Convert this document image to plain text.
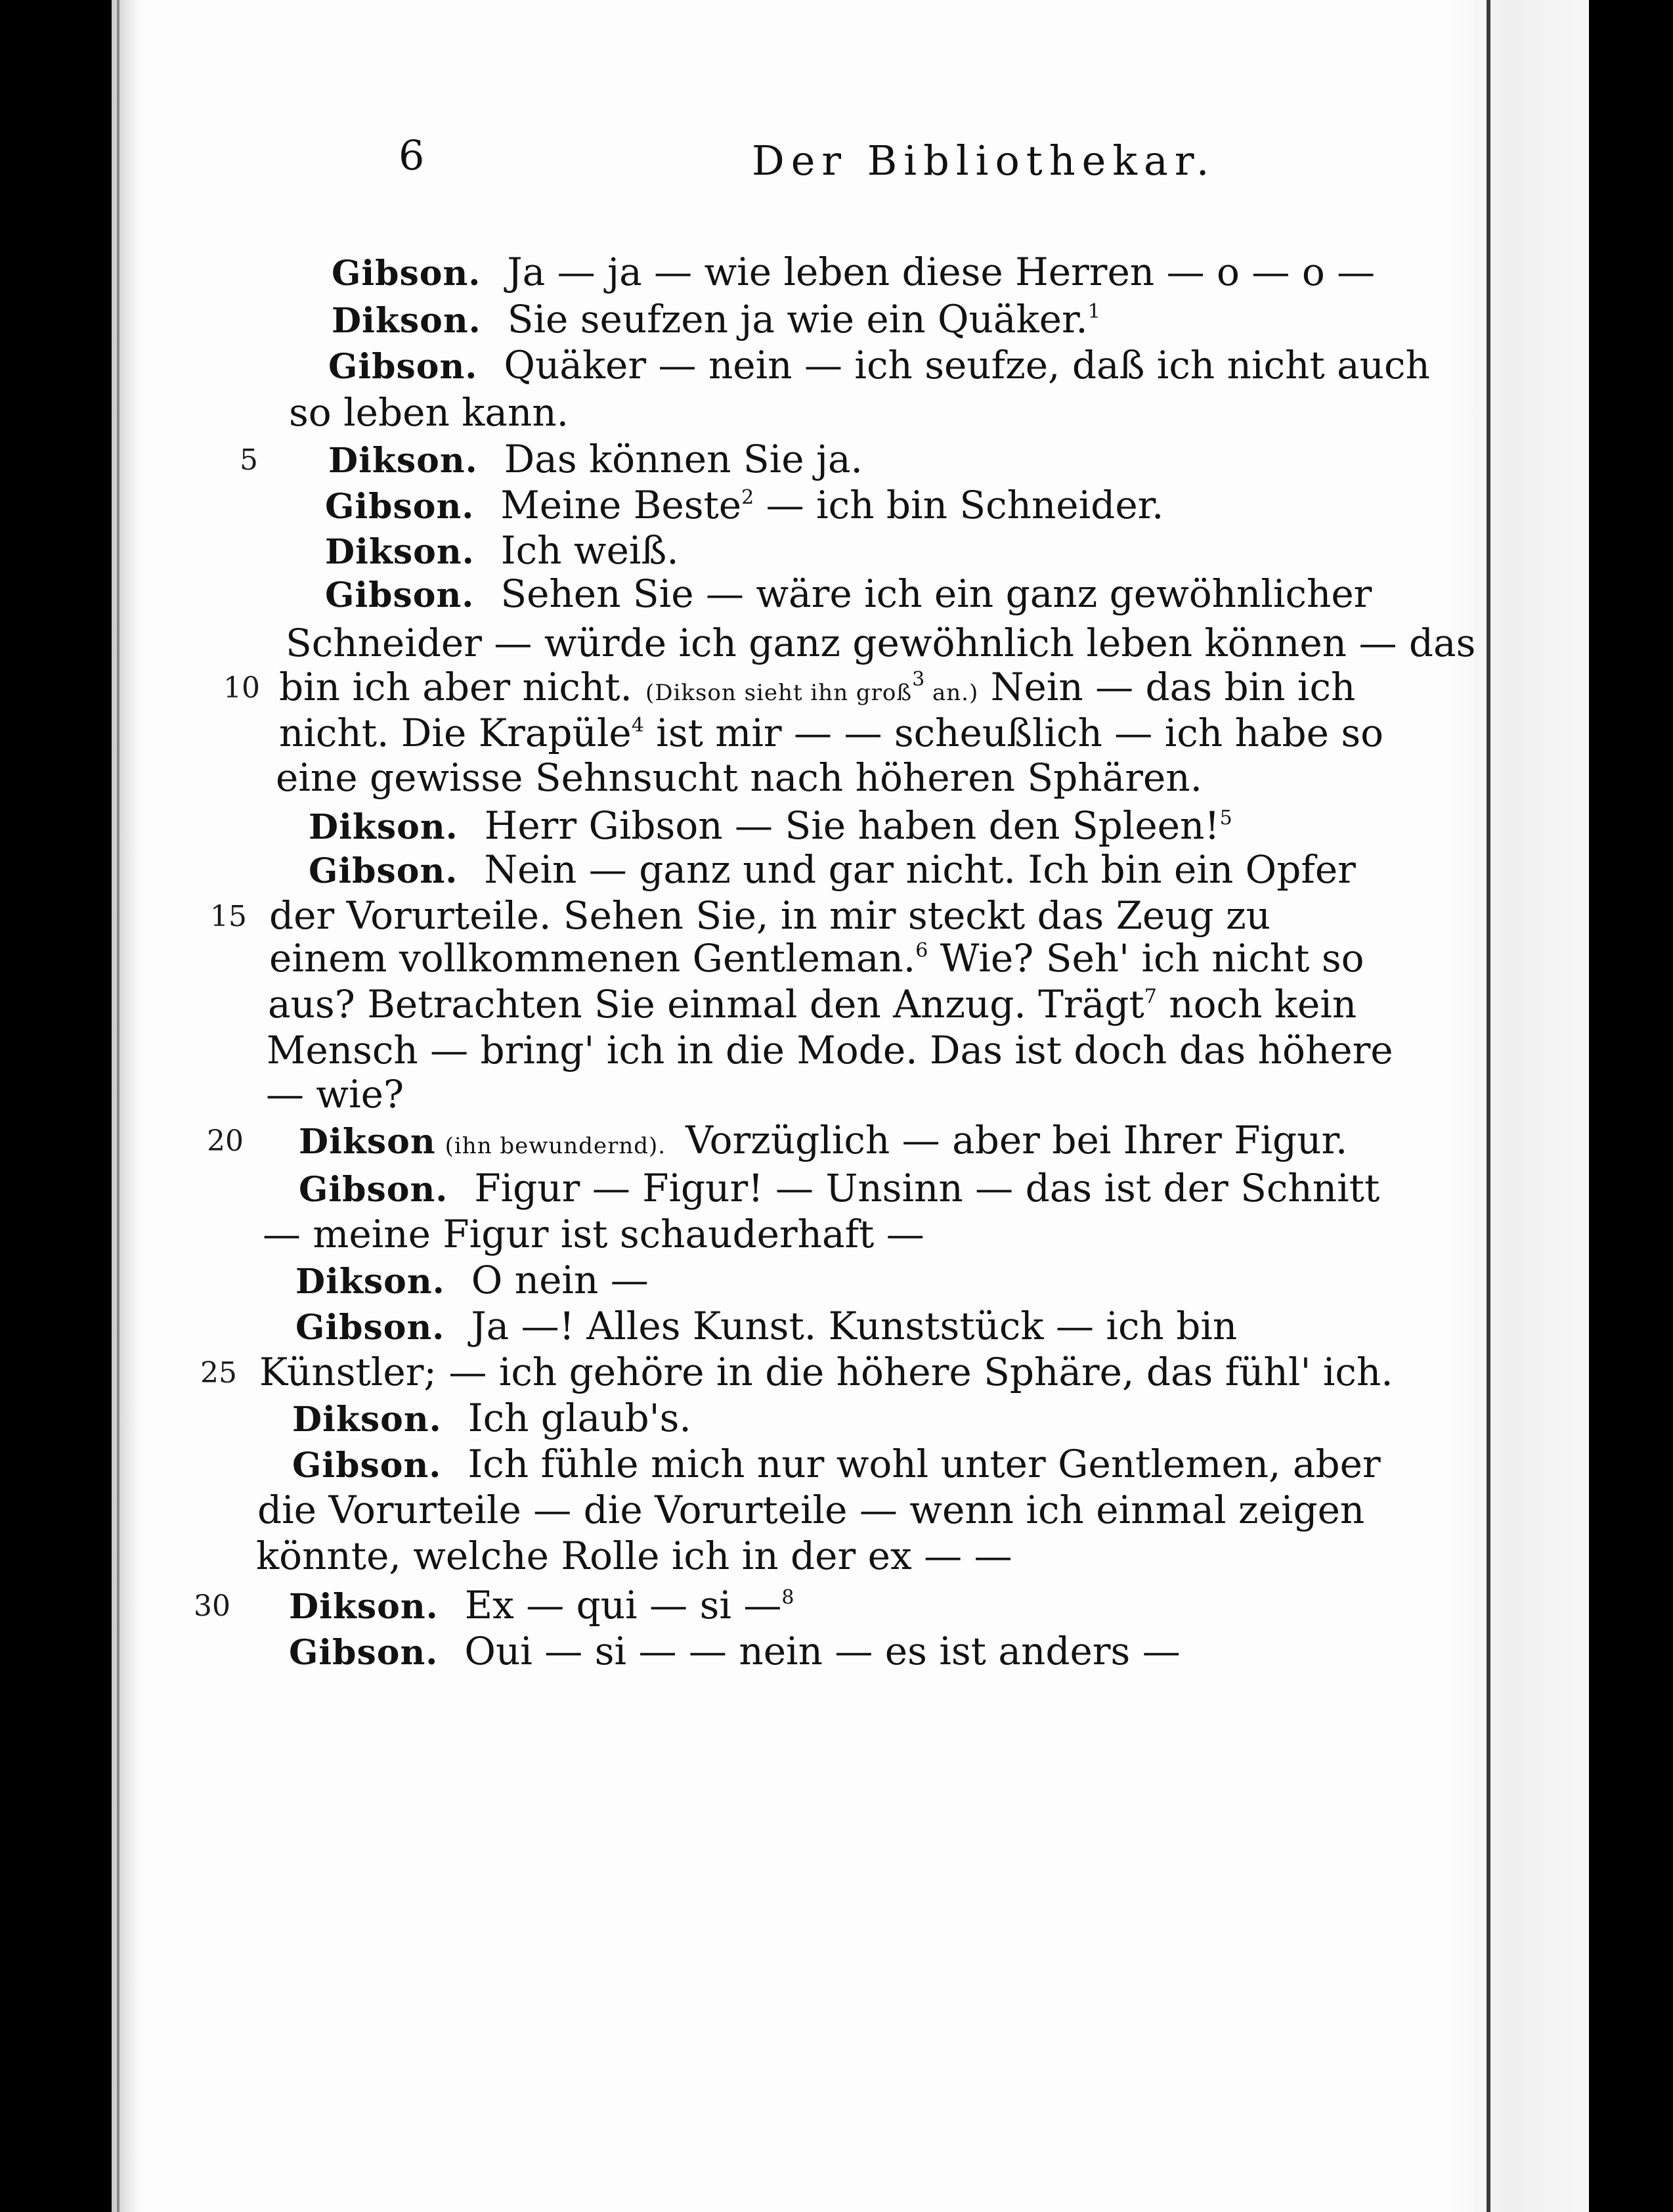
6	Der Bibliothekar.
Gibson. Ja — ja — wie leben diese Herren — o — o —
Dikson. Sie seufzen ja wie ein Quäker.$^1$
Gibson. Quäker — nein — ich seufze, daß ich nicht auch
so leben kann.
5 Dikson. Das können Sie ja.
Gibson. Meine Beste$^2$ — ich bin Schneider.
Dikson. Ich weiß.
Gibson. Sehen Sie — wäre ich ein ganz gewöhnlicher
Schneider — würde ich ganz gewöhnlich leben können — das
10 bin ich aber nicht. (Dikson sieht ihn groß$^3$ an.) Nein — das bin ich
nicht. Die Krapüle$^4$ ist mir — — scheußlich — ich habe so
eine gewisse Sehnsucht nach höheren Sphären.
Dikson. Herr Gibson — Sie haben den Spleen!$^5$
Gibson. Nein — ganz und gar nicht. Ich bin ein Opfer
15 der Vorurteile. Sehen Sie, in mir steckt das Zeug zu
einem vollkommenen Gentleman.$^6$ Wie? Seh' ich nicht so
aus? Betrachten Sie einmal den Anzug. Trägt$^7$ noch kein
Mensch — bring' ich in die Mode. Das ist doch das höhere
— wie?
20 Dikson (ihn bewundernd). Vorzüglich — aber bei Ihrer Figur.
Gibson. Figur — Figur! — Unsinn — das ist der Schnitt
— meine Figur ist schauderhaft —
Dikson. O nein —
Gibson. Ja —! Alles Kunst. Kunststück — ich bin
25 Künstler; — ich gehöre in die höhere Sphäre, das fühl' ich.
Dikson. Ich glaub's.
Gibson. Ich fühle mich nur wohl unter Gentlemen, aber
die Vorurteile — die Vorurteile — wenn ich einmal zeigen
könnte, welche Rolle ich in der ex — —
30 Dikson. Ex — qui — si —$^8$
Gibson. Oui — si — — nein — es ist anders —
